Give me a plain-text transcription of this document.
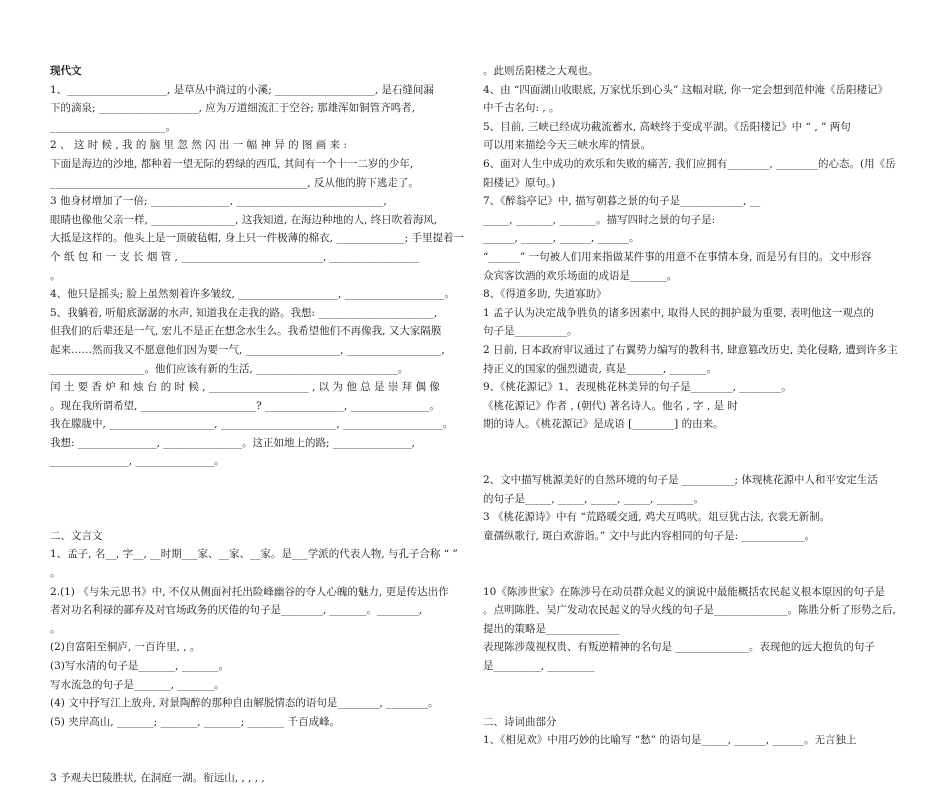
现代文
1、___________________, 是草丛中淌过的小溪; ___________________, 是石缝间漏
下的滴泉; ___________________, 应为万道细流汇于空谷; 那雄浑如铜管齐鸣者,
______________________。
2 、 这 时 候 , 我 的 脑 里 忽 然 闪 出 一 幅 神 异 的 图 画 来 :
下面是海边的沙地, 都种着一望无际的碧绿的西瓜, 其间有一个十一二岁的少年,
_________________________________________________, 反从他的胯下逃走了。
3 他身材增加了一倍; _______________, ____________________________,
眼睛也像他父亲一样, ________________, 这我知道, 在海边种地的人, 终日吹着海风,
大抵是这样的。他头上是一顶破毡帽, 身上只一件极薄的棉衣, _____________; 手里提着一
个 纸 包 和 一 支 长 烟 管 , ___________________________, _________________
。
4、他只是摇头; 脸上虽然刻着许多皱纹, ___________________, ___________________。
5、我躺着, 听船底潺潺的水声, 知道我在走我的路。我想: ______________________,
但我们的后辈还是一气, 宏儿不是正在想念水生么。我希望他们不再像我, 又大家隔膜
起来……然而我又不愿意他们因为要一气, __________________, __________________,
__________________。他们应该有新的生活, ___________________________。
闰 土 要 香 炉 和 烛 台 的 时 候 , ___________________ , 以 为 他 总 是 崇 拜 偶 像
。现在我所谓希望, ______________________? _______________, _______________。
我在朦胧中, ____________________, ______________________, ___________________。
我想: _______________, _______________。这正如地上的路; _______________,
_______________, _______________。
二、文言文
1、孟子, 名__, 字__, __时期___家、__家、__家。是___学派的代表人物, 与孔子合称 “ ”
。
2.(1) 《与朱元思书》中, 不仅从侧面衬托出险峰幽谷的夺人心魄的魅力, 更是传达出作
者对功名利禄的鄙弃及对官场政务的厌倦的句子是________, _______。________,
。
(2)自富阳至桐庐, 一百许里, , 。
(3)写水清的句子是_______, _______。
写水流急的句子是_______, _______。
(4) 文中抒写江上放舟, 对景陶醉的那种自由解脱情态的语句是________, ________。
(5) 夹岸高山, _______; _______, _______; _______ 千百成峰。
3 予观夫巴陵胜状, 在洞庭一湖。衔远山, , , , ,
。此则岳阳楼之大观也。
4、由 “四面湖山收眼底, 万家忧乐到心头” 这幅对联, 你一定会想到范仲淹《岳阳楼记》
中千古名句: , 。
5、目前, 三峡已经成功截流蓄水, 高峡终于变成平湖。《岳阳楼记》中 “ , ” 两句
可以用来描绘今天三峡水库的情景。
6、面对人生中成功的欢乐和失败的痛苦, 我们应拥有________, ________的心态。(用《岳
阳楼记》原句。)
7、《醉翁亭记》中, 描写朝暮之景的句子是____________, __
_____, _______, _______。描写四时之景的句子是:
______, ______, ______, ______。
“______” 一句被人们用来指做某件事的用意不在事情本身, 而是另有目的。文中形容
众宾客饮酒的欢乐场面的成语是_______。
8、《得道多助, 失道寡助》
1 孟子认为决定战争胜负的诸多因素中, 取得人民的拥护最为重要, 表明他这一观点的
句子是__________。
2 日前, 日本政府审议通过了右翼势力编写的教科书, 肆意篡改历史, 美化侵略, 遭到许多主
持正义的国家的强烈谴责, 真是_______, _______。
9、《桃花源记》1、表现桃花林美异的句子是________, ________。
《桃花源记》作者 , (朝代) 著名诗人。他名 , 字 , 是 时
期的诗人。《桃花源记》是成语 [________] 的由来。
2、文中描写桃源美好的自然环境的句子是 __________; 体现桃花源中人和平安定生活
的句子是_____, _____, _____, _____, _______。
3 《桃花源诗》中有 “荒路暖交通, 鸡犬互鸣吠。俎豆犹古法, 衣裳无新制。
童孺纵歌行, 斑白欢游诣。” 文中与此内容相同的句子是: ____________。
10《陈涉世家》在陈涉号在动员群众起义的演说中最能概括农民起义根本原因的句子是
。点明陈胜、吴广发动农民起义的导火线的句子是______________。陈胜分析了形势之后,
提出的策略是______________
表现陈涉蔑视权贵、有叛逆精神的名句是 ______________。表现他的远大抱负的句子
是_________, _________
二、诗词曲部分
1、《相见欢》中用巧妙的比喻写 “愁” 的语句是_____, ______, ______。无言独上
